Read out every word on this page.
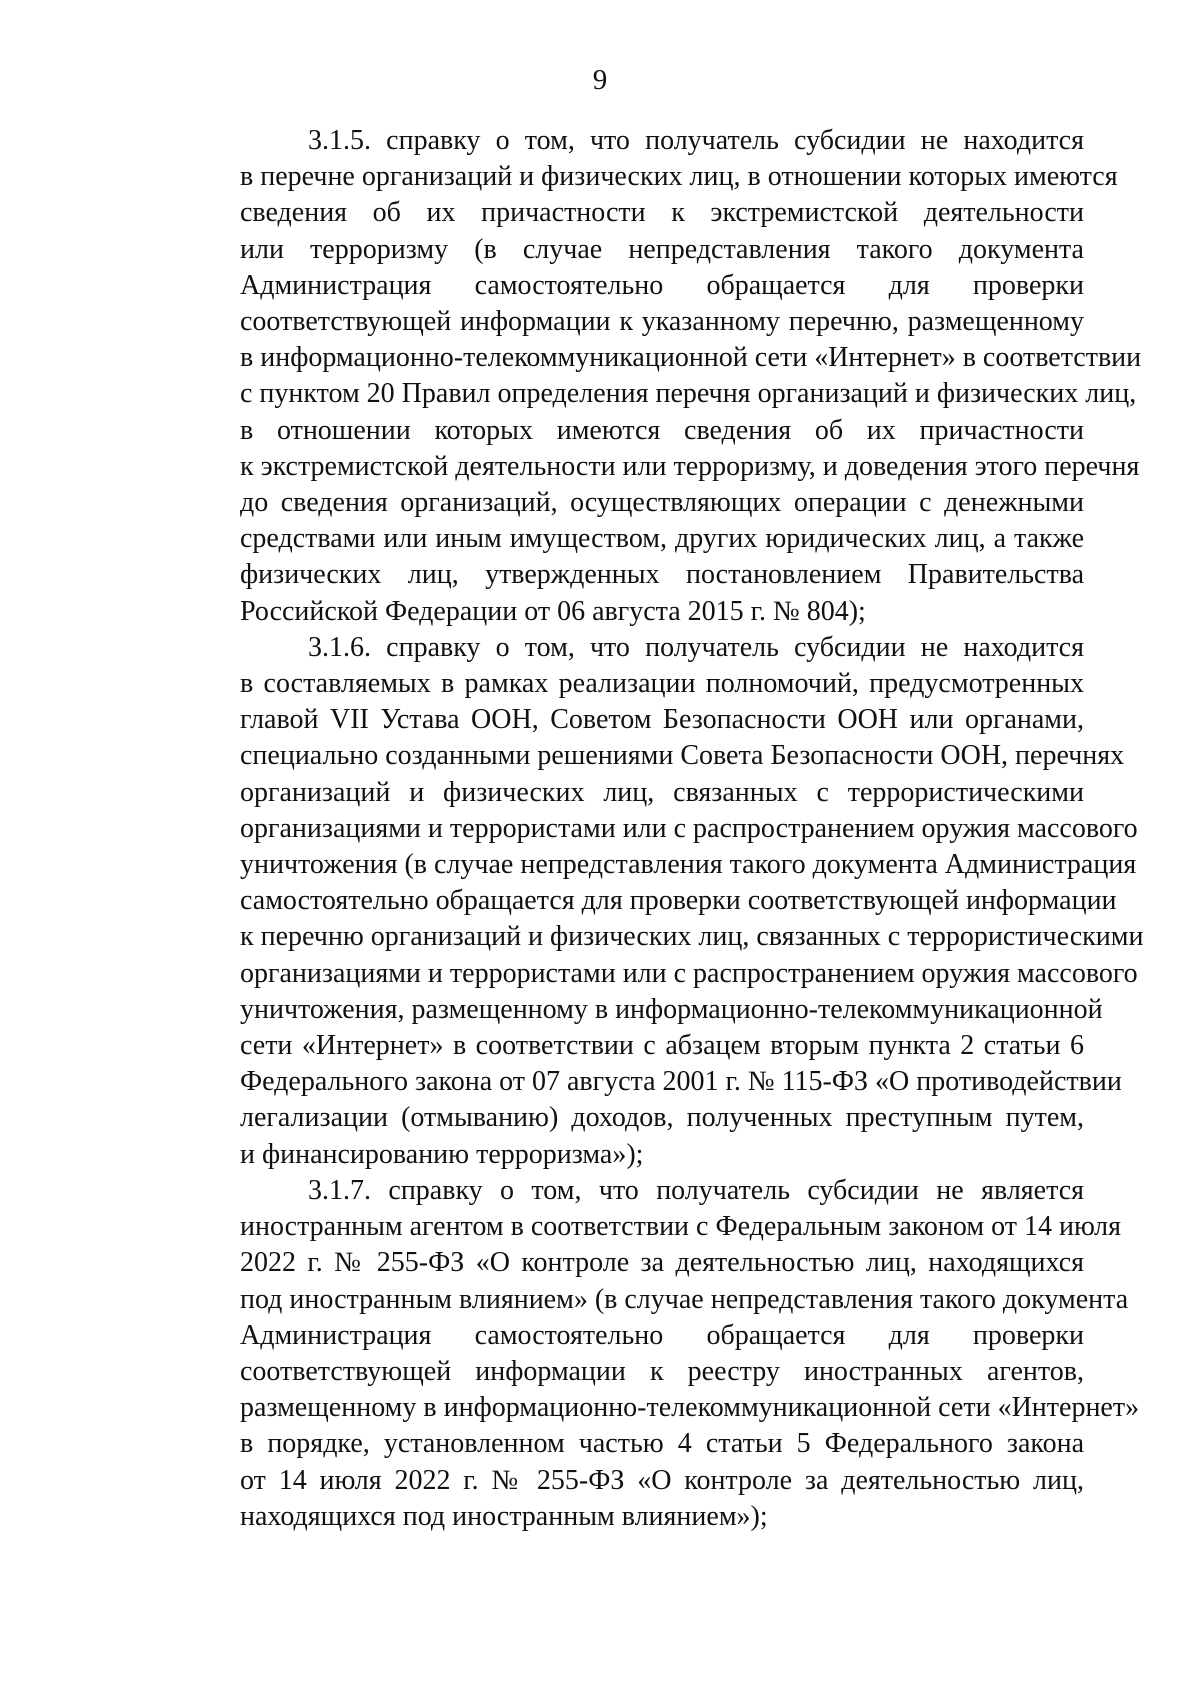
9
3.1.5. справку о том, что получатель субсидии не находится
в перечне организаций и физических лиц, в отношении которых имеются
сведения об их причастности к экстремистской деятельности
или терроризму (в случае непредставления такого документа
Администрация самостоятельно обращается для проверки
соответствующей информации к указанному перечню, размещенному
в информационно-телекоммуникационной сети «Интернет» в соответствии
с пунктом 20 Правил определения перечня организаций и физических лиц,
в отношении которых имеются сведения об их причастности
к экстремистской деятельности или терроризму, и доведения этого перечня
до сведения организаций, осуществляющих операции с денежными
средствами или иным имуществом, других юридических лиц, а также
физических лиц, утвержденных постановлением Правительства
Российской Федерации от 06 августа 2015 г. № 804);
3.1.6. справку о том, что получатель субсидии не находится
в составляемых в рамках реализации полномочий, предусмотренных
главой VII Устава ООН, Советом Безопасности ООН или органами,
специально созданными решениями Совета Безопасности ООН, перечнях
организаций и физических лиц, связанных с террористическими
организациями и террористами или с распространением оружия массового
уничтожения (в случае непредставления такого документа Администрация
самостоятельно обращается для проверки соответствующей информации
к перечню организаций и физических лиц, связанных с террористическими
организациями и террористами или с распространением оружия массового
уничтожения, размещенному в информационно-телекоммуникационной
сети «Интернет» в соответствии с абзацем вторым пункта 2 статьи 6
Федерального закона от 07 августа 2001 г. № 115-ФЗ «О противодействии
легализации (отмыванию) доходов, полученных преступным путем,
и финансированию терроризма»);
3.1.7. справку о том, что получатель субсидии не является
иностранным агентом в соответствии с Федеральным законом от 14 июля
2022 г. № 255-ФЗ «О контроле за деятельностью лиц, находящихся
под иностранным влиянием» (в случае непредставления такого документа
Администрация самостоятельно обращается для проверки
соответствующей информации к реестру иностранных агентов,
размещенному в информационно-телекоммуникационной сети «Интернет»
в порядке, установленном частью 4 статьи 5 Федерального закона
от 14 июля 2022 г. № 255-ФЗ «О контроле за деятельностью лиц,
находящихся под иностранным влиянием»);
